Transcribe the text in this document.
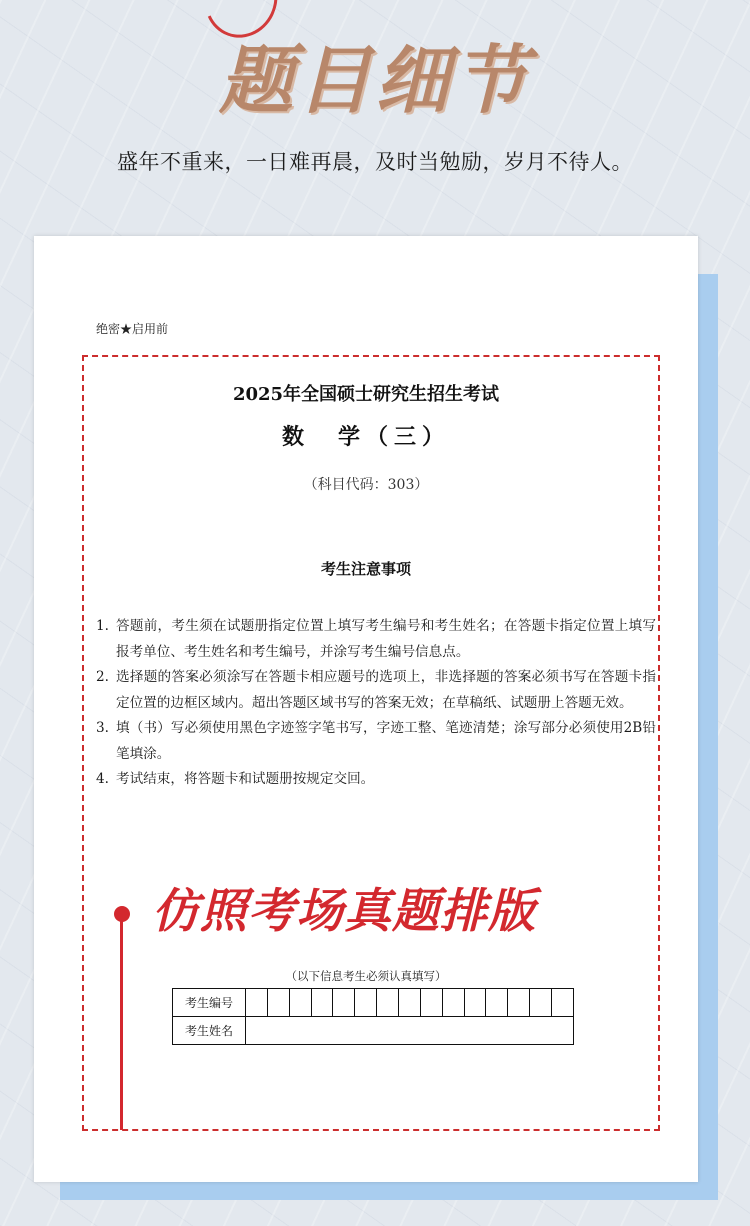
题目细节
盛年不重来，一日难再晨，及时当勉励，岁月不待人。
绝密★启用前
2025年全国硕士研究生招生考试
数　学（三）
（科目代码：303）
考生注意事项
1. 答题前，考生须在试题册指定位置上填写考生编号和考生姓名；在答题卡指定位置上填写报考单位、考生姓名和考生编号，并涂写考生编号信息点。
2. 选择题的答案必须涂写在答题卡相应题号的选项上，非选择题的答案必须书写在答题卡指定位置的边框区域内。超出答题区域书写的答案无效；在草稿纸、试题册上答题无效。
3. 填（书）写必须使用黑色字迹签字笔书写，字迹工整、笔迹清楚；涂写部分必须使用2B铅笔填涂。
4. 考试结束，将答题卡和试题册按规定交回。
仿照考场真题排版
（以下信息考生必须认真填写）
考生编号															
考生姓名															
